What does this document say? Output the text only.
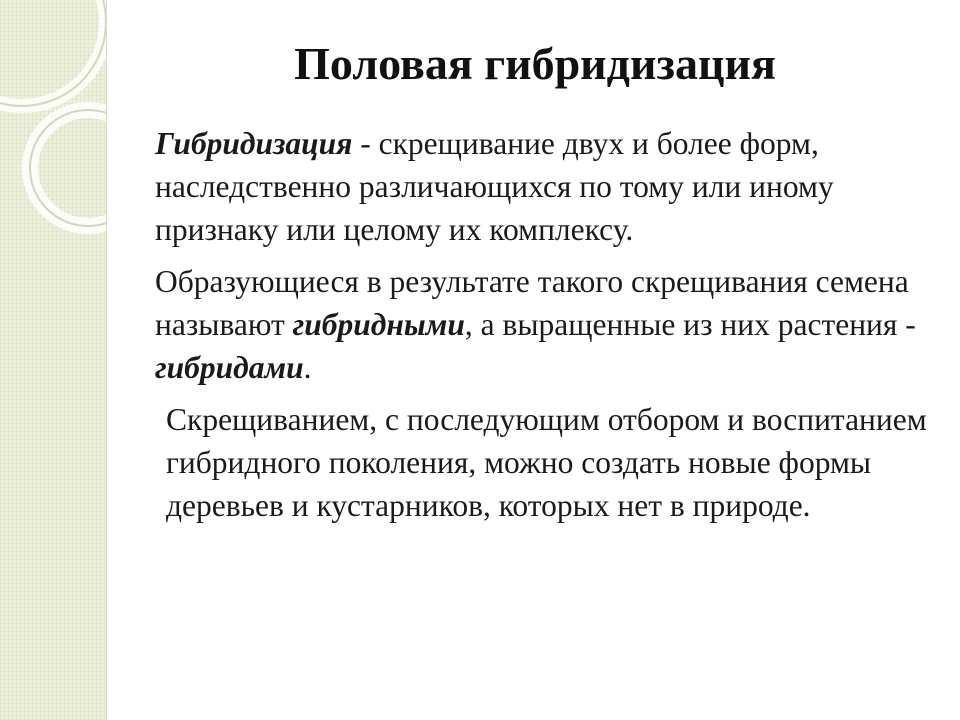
Половая гибридизация

Гибридизация - скрещивание двух и более форм, наследственно различающихся по тому или иному признаку или целому их комплексу.

Образующиеся в результате такого скрещивания семена называют гибридными, а выращенные из них растения - гибридами.

Скрещиванием, с последующим отбором и воспитанием гибридного поколения, можно создать новые формы деревьев и кустарников, которых нет в природе.
